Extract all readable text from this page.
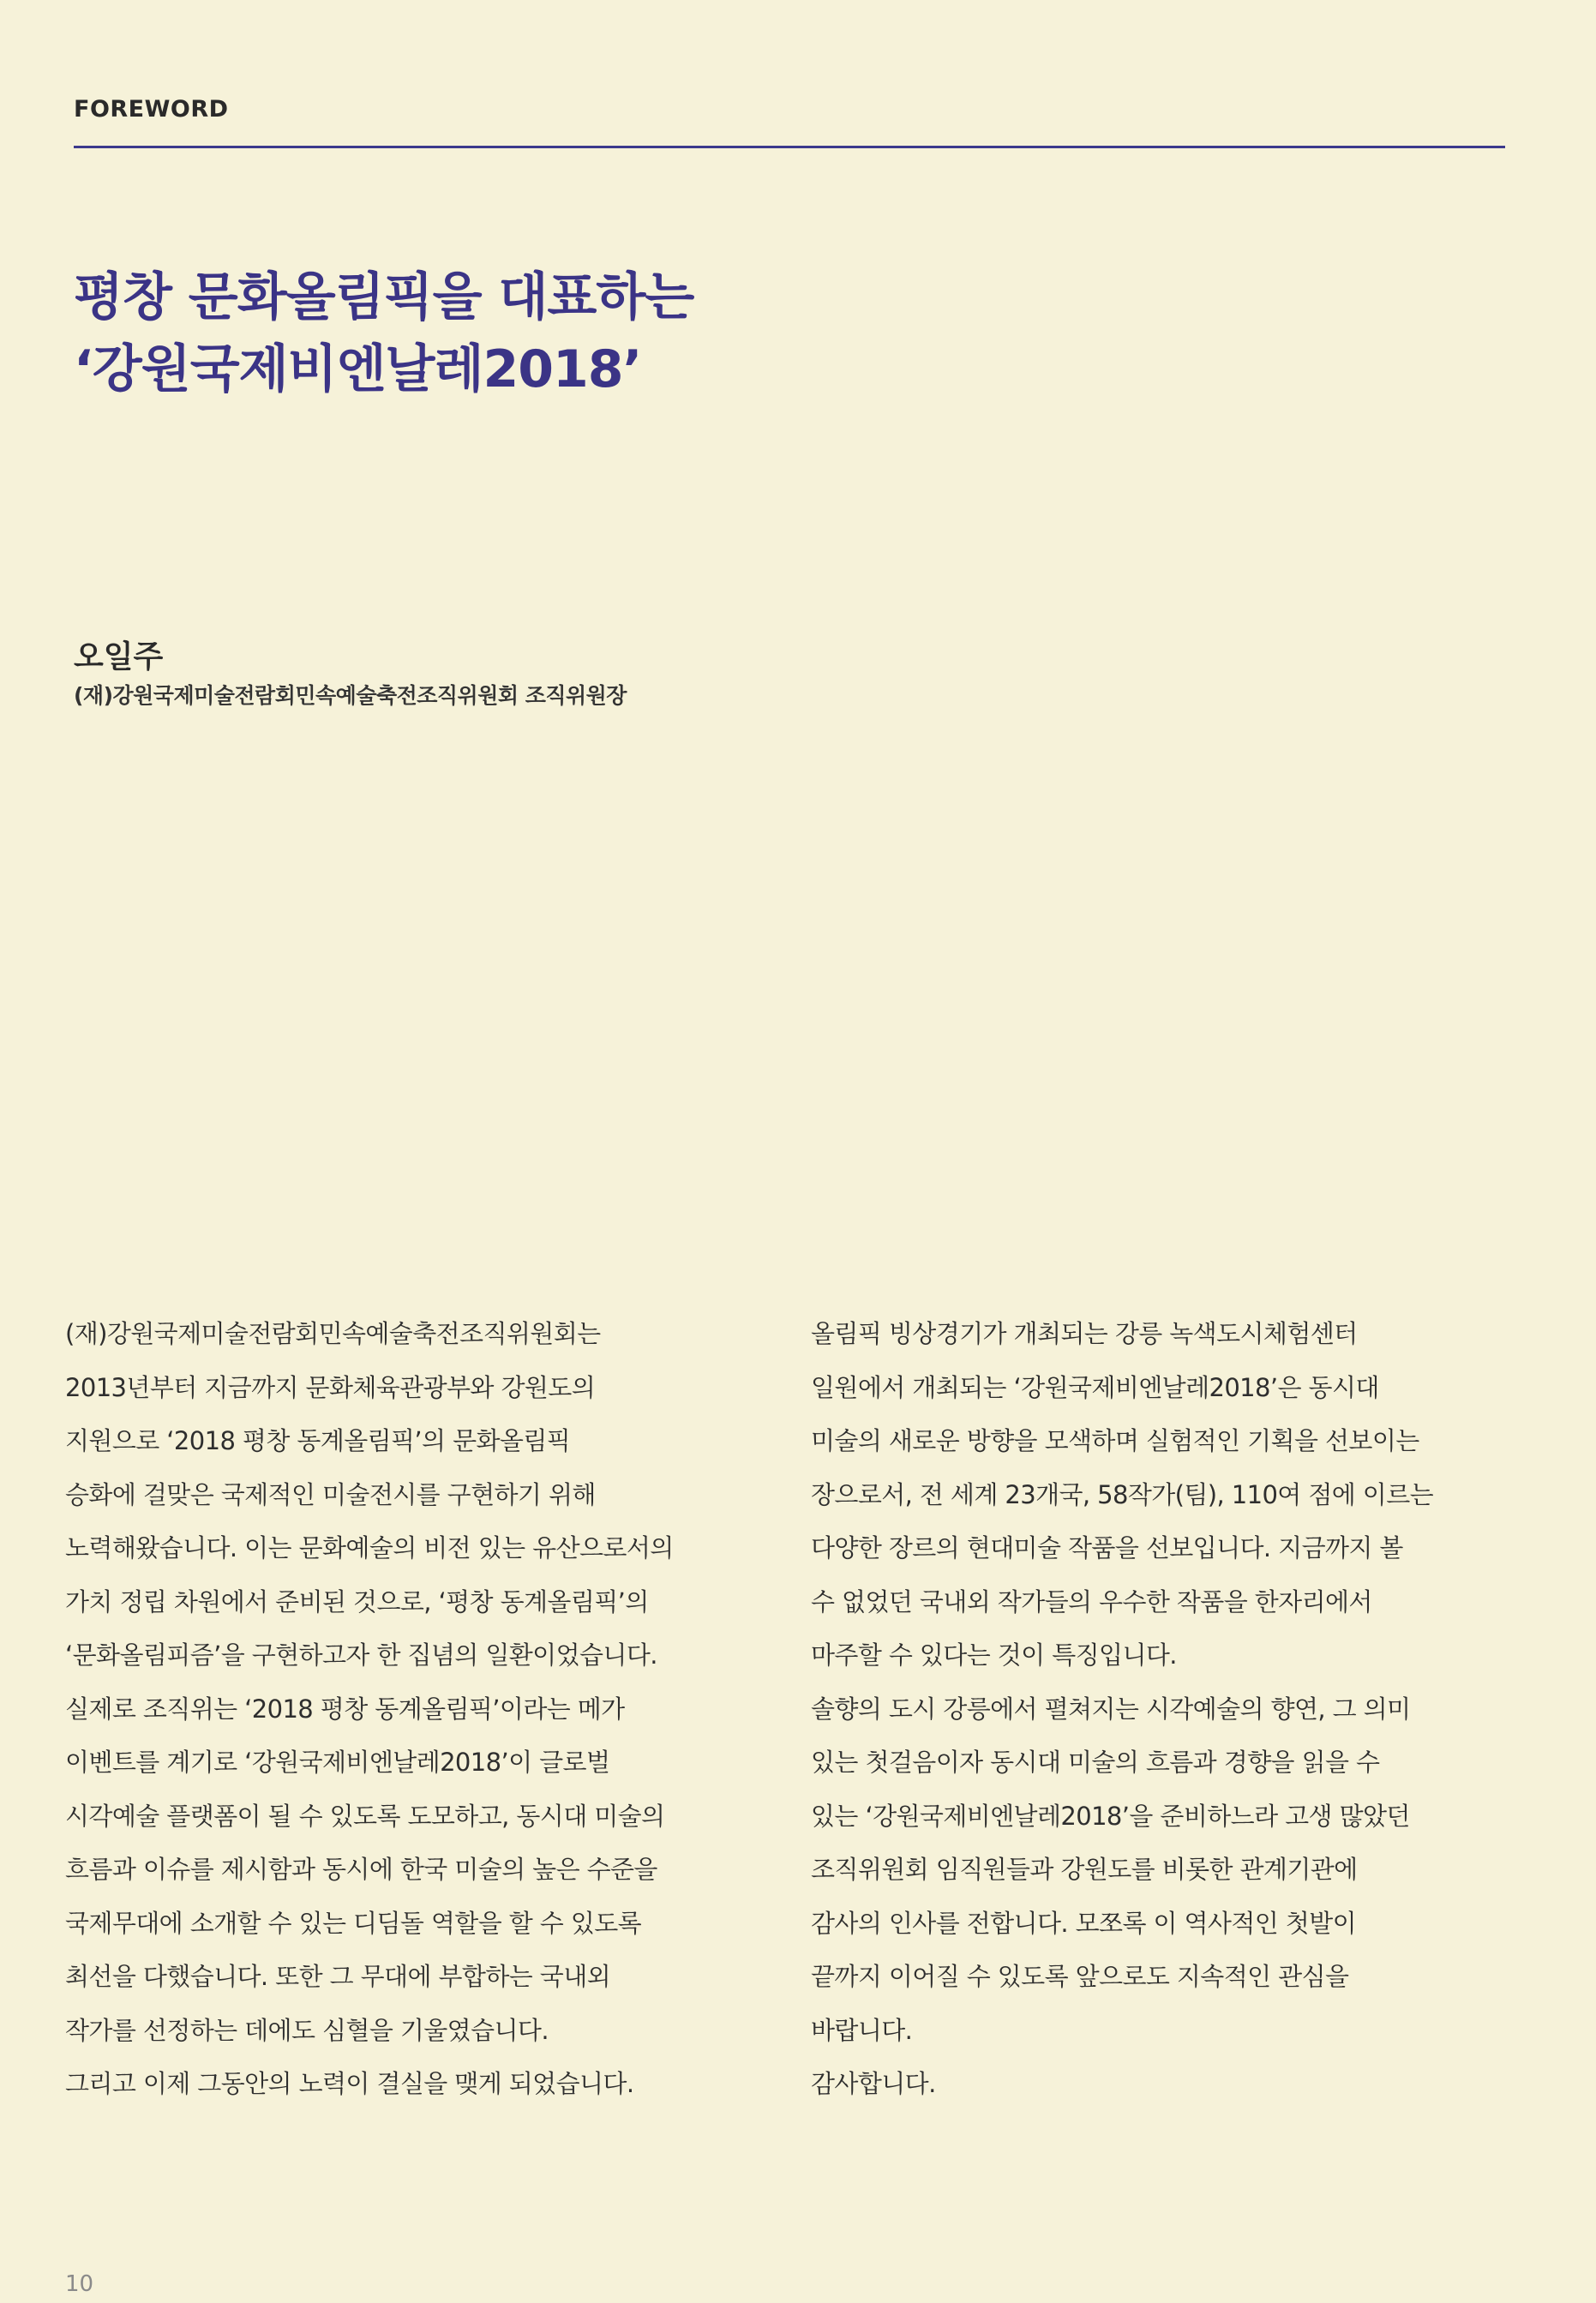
FOREWORD
평창 문화올림픽을 대표하는
‘강원국제비엔날레2018’
오일주
(재)강원국제미술전람회민속예술축전조직위원회 조직위원장
(재)강원국제미술전람회민속예술축전조직위원회는
2013년부터 지금까지 문화체육관광부와 강원도의
지원으로 ‘2018 평창 동계올림픽’의 문화올림픽
승화에 걸맞은 국제적인 미술전시를 구현하기 위해
노력해왔습니다. 이는 문화예술의 비전 있는 유산으로서의
가치 정립 차원에서 준비된 것으로, ‘평창 동계올림픽’의
‘문화올림피즘’을 구현하고자 한 집념의 일환이었습니다.
실제로 조직위는 ‘2018 평창 동계올림픽’이라는 메가
이벤트를 계기로 ‘강원국제비엔날레2018’이 글로벌
시각예술 플랫폼이 될 수 있도록 도모하고, 동시대 미술의
흐름과 이슈를 제시함과 동시에 한국 미술의 높은 수준을
국제무대에 소개할 수 있는 디딤돌 역할을 할 수 있도록
최선을 다했습니다. 또한 그 무대에 부합하는 국내외
작가를 선정하는 데에도 심혈을 기울였습니다.
그리고 이제 그동안의 노력이 결실을 맺게 되었습니다.
올림픽 빙상경기가 개최되는 강릉 녹색도시체험센터
일원에서 개최되는 ‘강원국제비엔날레2018’은 동시대
미술의 새로운 방향을 모색하며 실험적인 기획을 선보이는
장으로서, 전 세계 23개국, 58작가(팀), 110여 점에 이르는
다양한 장르의 현대미술 작품을 선보입니다. 지금까지 볼
수 없었던 국내외 작가들의 우수한 작품을 한자리에서
마주할 수 있다는 것이 특징입니다.
솔향의 도시 강릉에서 펼쳐지는 시각예술의 향연, 그 의미
있는 첫걸음이자 동시대 미술의 흐름과 경향을 읽을 수
있는 ‘강원국제비엔날레2018’을 준비하느라 고생 많았던
조직위원회 임직원들과 강원도를 비롯한 관계기관에
감사의 인사를 전합니다. 모쪼록 이 역사적인 첫발이
끝까지 이어질 수 있도록 앞으로도 지속적인 관심을
바랍니다.
감사합니다.
10
